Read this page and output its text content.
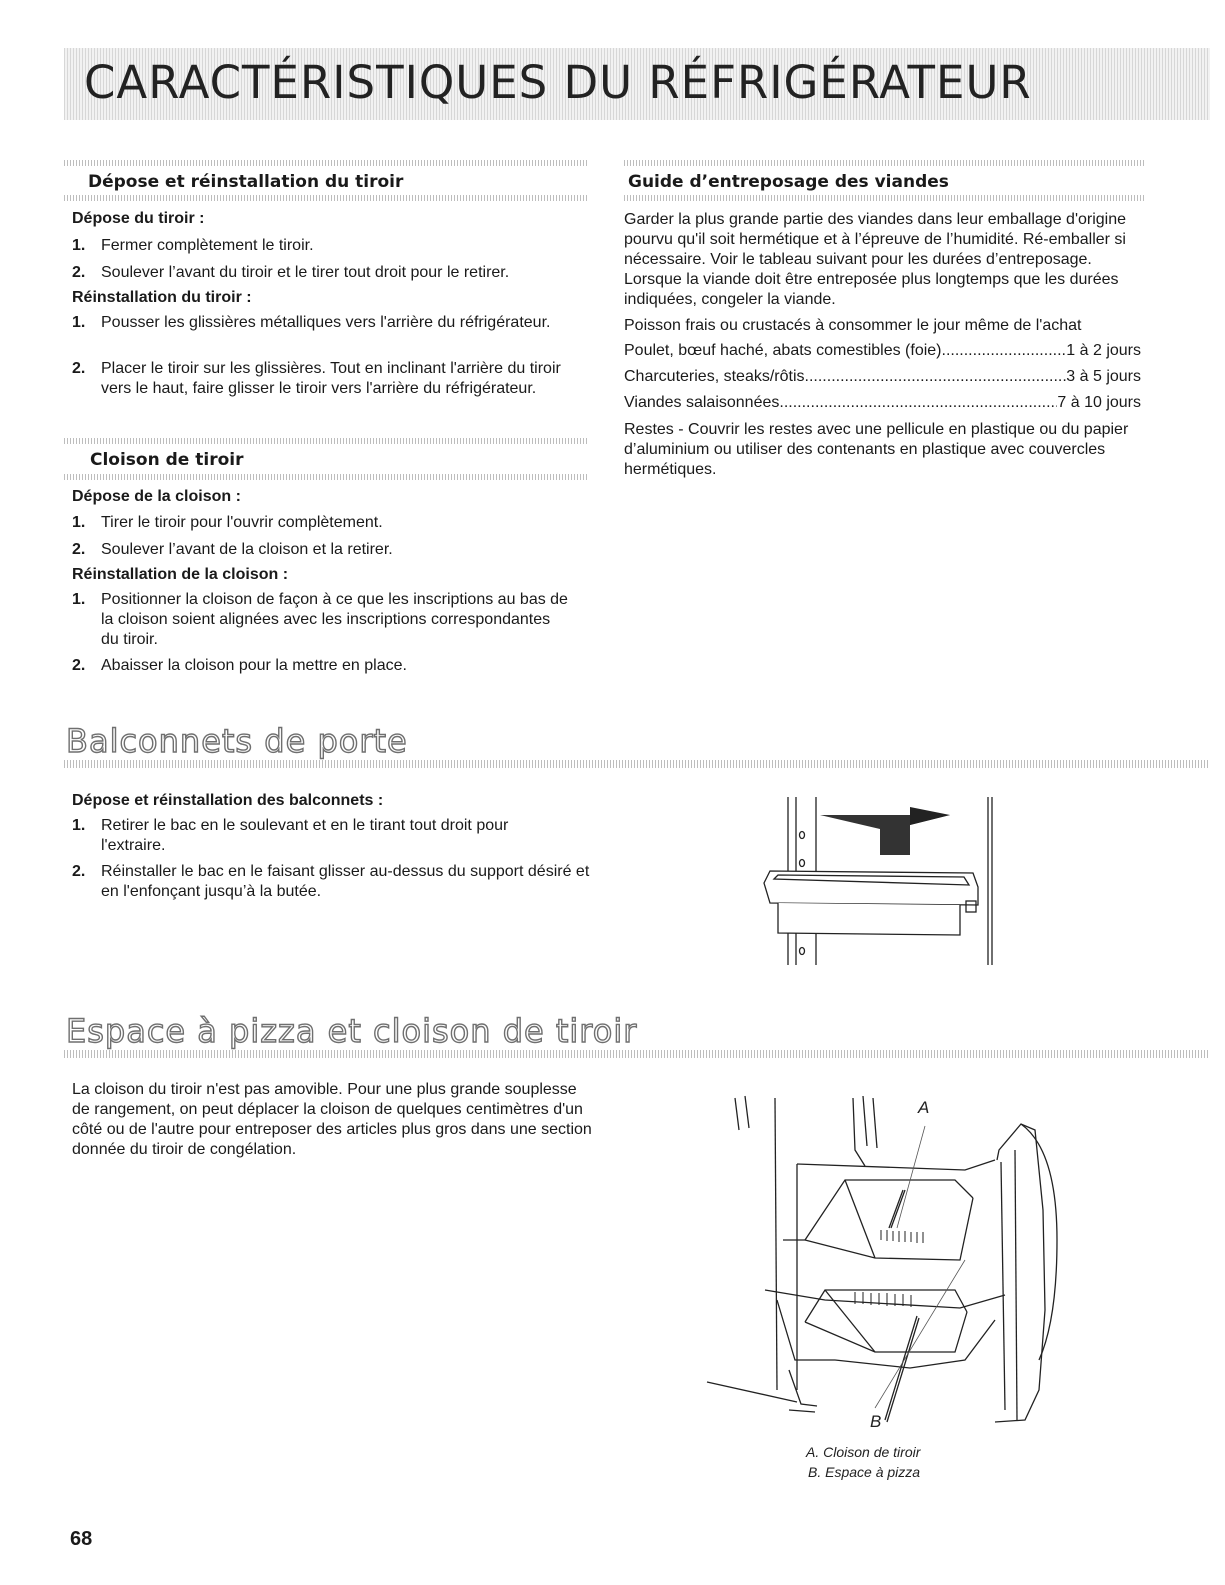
CARACTÉRISTIQUES DU RÉFRIGÉRATEUR
Dépose et réinstallation du tiroir
Dépose du tiroir :
1. Fermer complètement le tiroir.
2. Soulever l’avant du tiroir et le tirer tout droit pour le retirer.
Réinstallation du tiroir :
1. Pousser les glissières métalliques vers l'arrière du réfrigérateur.
2. Placer le tiroir sur les glissières. Tout en inclinant l'arrière du tiroir vers le haut, faire glisser le tiroir vers l'arrière du réfrigérateur.
Cloison de tiroir
Dépose de la cloison :
1. Tirer le tiroir pour l'ouvrir complètement.
2. Soulever l’avant de la cloison et la retirer.
Réinstallation de la cloison :
1. Positionner la cloison de façon à ce que les inscriptions au bas de la cloison soient alignées avec les inscriptions correspondantes du tiroir.
2. Abaisser la cloison pour la mettre en place.
Guide d’entreposage des viandes
Garder la plus grande partie des viandes dans leur emballage d'origine pourvu qu'il soit hermétique et à l’épreuve de l’humidité. Ré-emballer si nécessaire. Voir le tableau suivant pour les durées d’entreposage. Lorsque la viande doit être entreposée plus longtemps que les durées indiquées, congeler la viande.
Poisson frais ou crustacés à consommer le jour même de l'achat
Poulet, bœuf haché, abats comestibles (foie) .....	1 à 2 jours
Charcuteries, steaks/rôtis .....	3 à 5 jours
Viandes salaisonnées .....	7 à 10 jours
Restes - Couvrir les restes avec une pellicule en plastique ou du papier d’aluminium ou utiliser des contenants en plastique avec couvercles hermétiques.
Balconnets de porte
Dépose et réinstallation des balconnets :
1. Retirer le bac en le soulevant et en le tirant tout droit pour l'extraire.
2. Réinstaller le bac en le faisant glisser au-dessus du support désiré et en l'enfonçant jusqu’à la butée.
Espace à pizza et cloison de tiroir
La cloison du tiroir n'est pas amovible. Pour une plus grande souplesse de rangement, on peut déplacer la cloison de quelques centimètres d'un côté ou de l'autre pour entreposer des articles plus gros dans une section donnée du tiroir de congélation.
A
B
A. Cloison de tiroir
B. Espace à pizza
68
